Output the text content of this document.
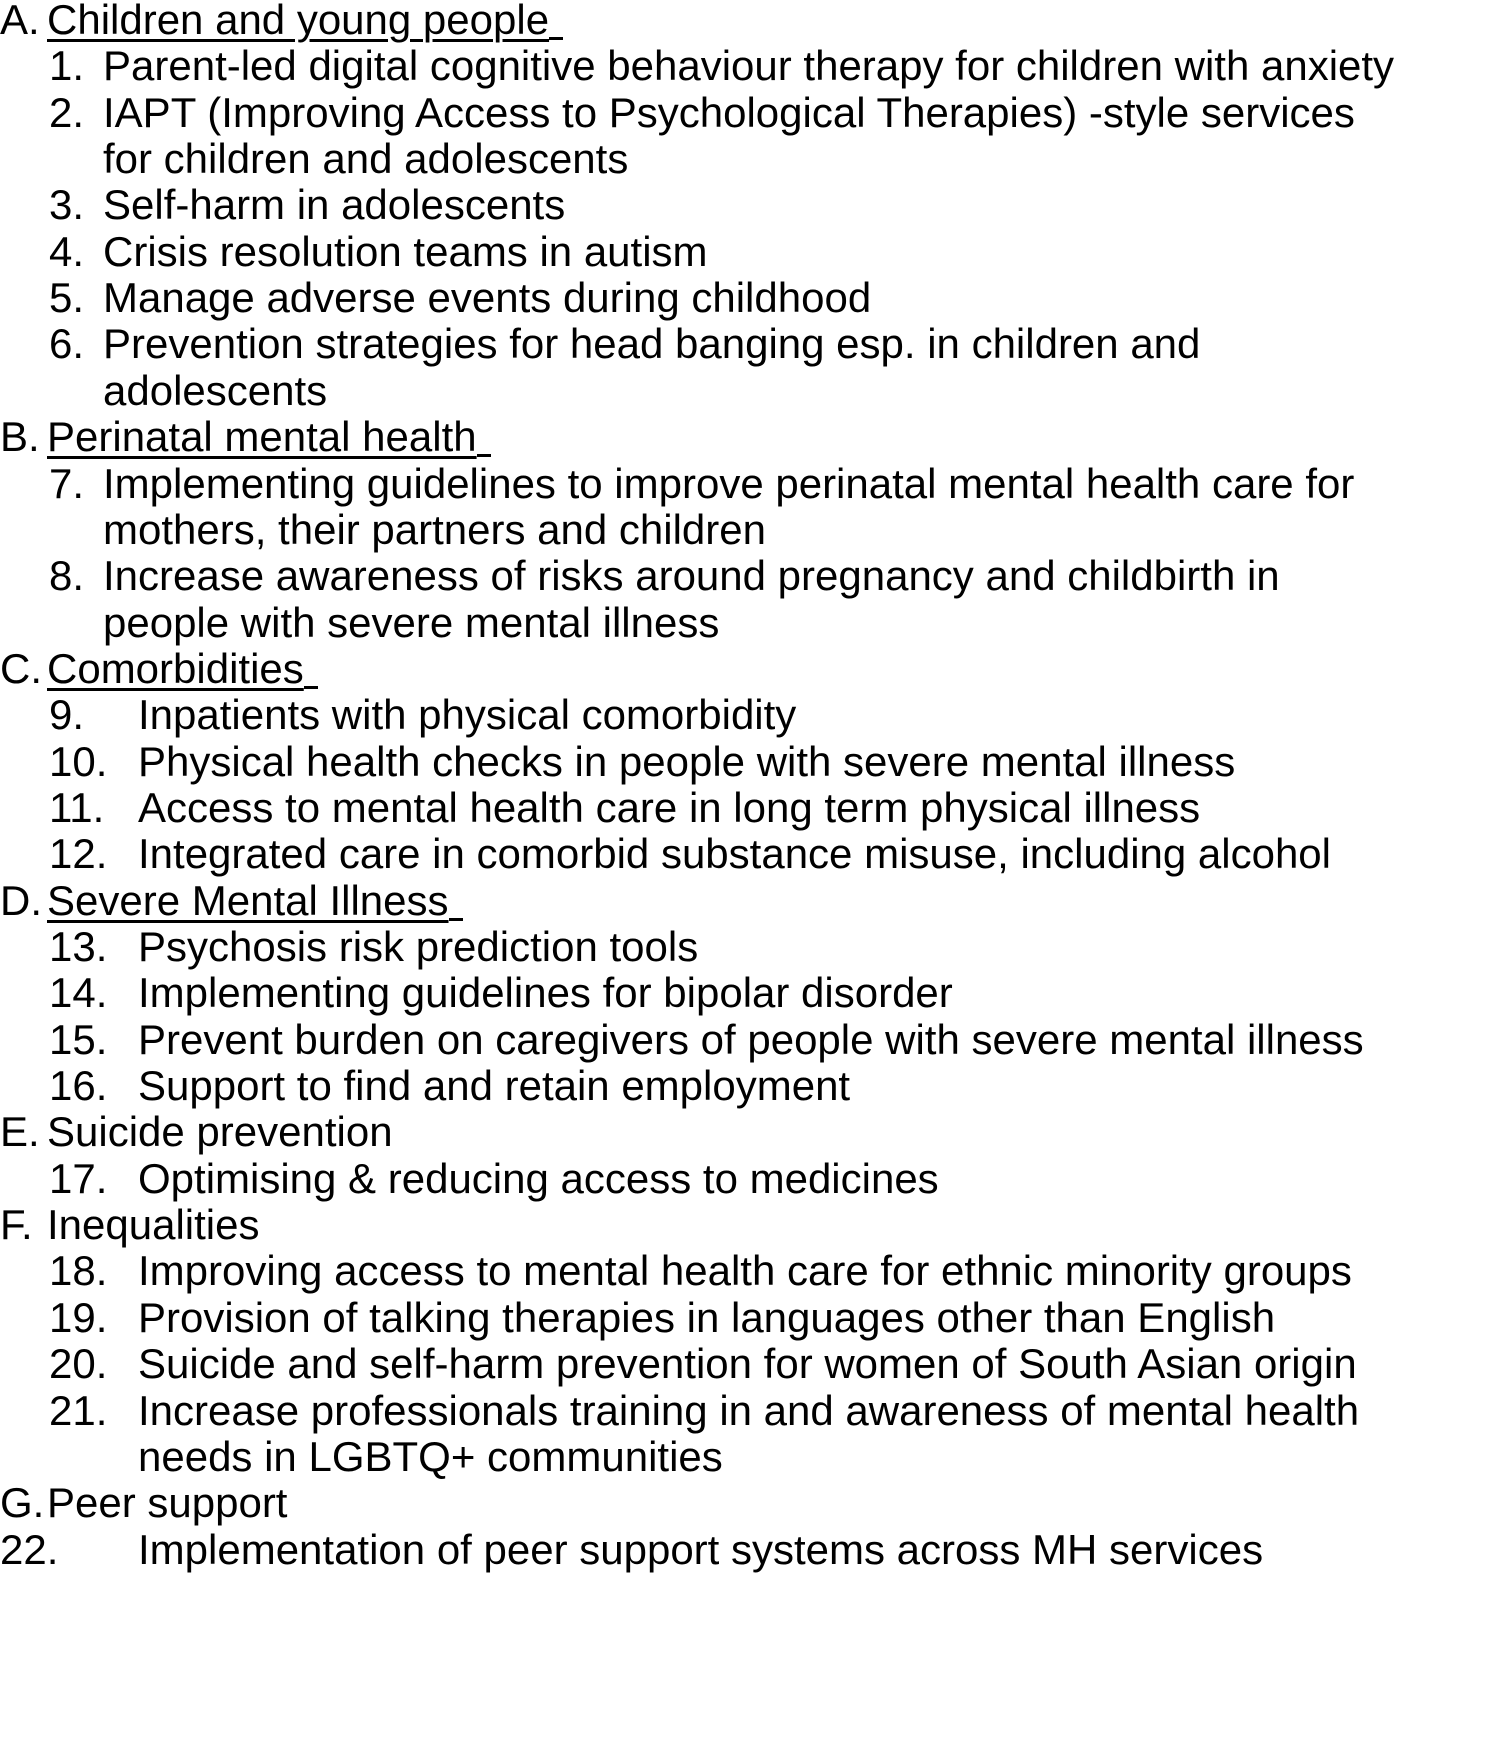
A. Children and young people
1. Parent-led digital cognitive behaviour therapy for children with anxiety
2. IAPT (Improving Access to Psychological Therapies) -style services
for children and adolescents
3. Self-harm in adolescents
4. Crisis resolution teams in autism
5. Manage adverse events during childhood
6. Prevention strategies for head banging esp. in children and
adolescents
B. Perinatal mental health
7. Implementing guidelines to improve perinatal mental health care for
mothers, their partners and children
8. Increase awareness of risks around pregnancy and childbirth in
people with severe mental illness
C. Comorbidities
9. Inpatients with physical comorbidity
10. Physical health checks in people with severe mental illness
11. Access to mental health care in long term physical illness
12. Integrated care in comorbid substance misuse, including alcohol
D. Severe Mental Illness
13. Psychosis risk prediction tools
14. Implementing guidelines for bipolar disorder
15. Prevent burden on caregivers of people with severe mental illness
16. Support to find and retain employment
E. Suicide prevention
17. Optimising & reducing access to medicines
F. Inequalities
18. Improving access to mental health care for ethnic minority groups
19. Provision of talking therapies in languages other than English
20. Suicide and self-harm prevention for women of South Asian origin
21. Increase professionals training in and awareness of mental health
needs in LGBTQ+ communities
G. Peer support
22. Implementation of peer support systems across MH services
